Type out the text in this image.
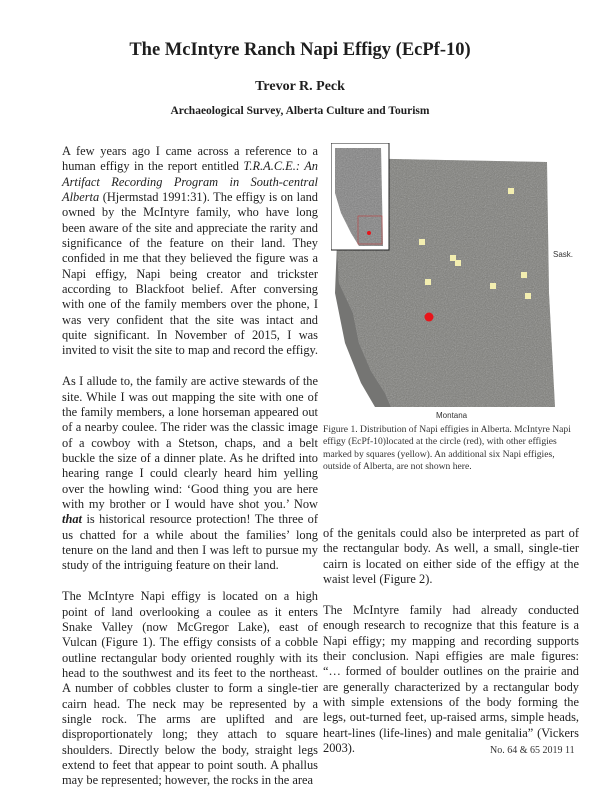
The McIntyre Ranch Napi Effigy (EcPf-10)
Trevor R. Peck
Archaeological Survey, Alberta Culture and Tourism

A few years ago I came across a reference to a human effigy in the report entitled T.R.A.C.E.: An Artifact Recording Program in South-central Alberta (Hjermstad 1991:31). The effigy is on land owned by the McIntyre family, who have long been aware of the site and appreciate the rarity and significance of the feature on their land. They confided in me that they believed the figure was a Napi effigy, Napi being creator and trickster according to Blackfoot belief. After conversing with one of the family members over the phone, I was very confident that the site was intact and quite significant. In November of 2015, I was invited to visit the site to map and record the effigy.

As I allude to, the family are active stewards of the site. While I was out mapping the site with one of the family members, a lone horseman appeared out of a nearby coulee. The rider was the classic image of a cowboy with a Stetson, chaps, and a belt buckle the size of a dinner plate. As he drifted into hearing range I could clearly heard him yelling over the howling wind: ‘Good thing you are here with my brother or I would have shot you.’ Now that is historical resource protection! The three of us chatted for a while about the families’ long tenure on the land and then I was left to pursue my study of the intriguing feature on their land.

The McIntyre Napi effigy is located on a high point of land overlooking a coulee as it enters Snake Valley (now McGregor Lake), east of Vulcan (Figure 1). The effigy consists of a cobble outline rectangular body oriented roughly with its head to the southwest and its feet to the northeast. A number of cobbles cluster to form a single-tier cairn head. The neck may be represented by a single rock. The arms are uplifted and are disproportionately long; they attach to square shoulders. Directly below the body, straight legs extend to feet that appear to point south. A phallus may be represented; however, the rocks in the area

Sask.
Montana
Figure 1. Distribution of Napi effigies in Alberta. McIntyre Napi effigy (EcPf-10)located at the circle (red), with other effigies marked by squares (yellow). An additional six Napi effigies, outside of Alberta, are not shown here.

of the genitals could also be interpreted as part of the rectangular body. As well, a small, single-tier cairn is located on either side of the effigy at the waist level (Figure 2).

The McIntyre family had already conducted enough research to recognize that this feature is a Napi effigy; my mapping and recording supports their conclusion. Napi effigies are male figures: “… formed of boulder outlines on the prairie and are generally characterized by a rectangular body with simple extensions of the body forming the legs, out-turned feet, up-raised arms, simple heads, heart-lines (life-lines) and male genitalia” (Vickers 2003).	No. 64 & 65 2019 11
